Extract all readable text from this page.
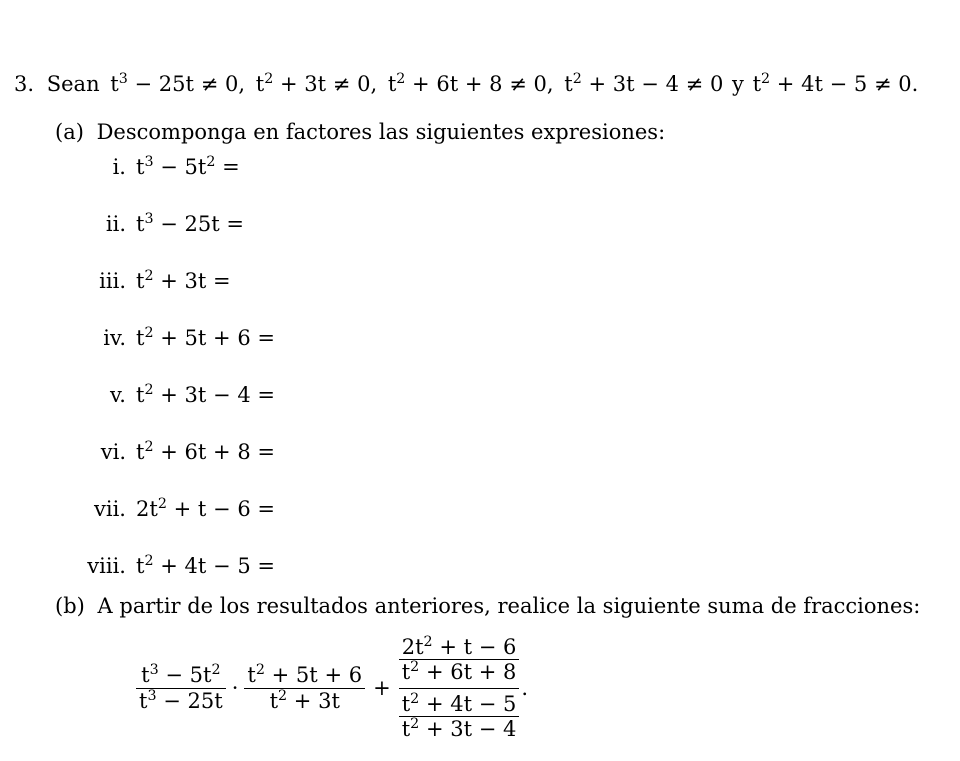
3. Sean $t^3 - 25t \ne 0$, $t^2 + 3t \ne 0$, $t^2 + 6t + 8 \ne 0$, $t^2 + 3t - 4 \ne 0$ y $t^2 + 4t - 5 \ne 0$.
(a) Descomponga en factores las siguientes expresiones:
i. $t^3 - 5t^2$ =
ii. $t^3 - 25t$ =
iii. $t^2 + 3t$ =
iv. $t^2 + 5t + 6$ =
v. $t^2 + 3t - 4$ =
vi. $t^2 + 6t + 8$ =
vii. $2t^2 + t - 6$ =
viii. $t^2 + 4t - 5$ =
(b) A partir de los resultados anteriores, realice la siguiente suma de fracciones:
$\frac{t^3 - 5t^2}{t^3 - 25t} \cdot \frac{t^2 + 5t + 6}{t^2 + 3t} + \frac{\frac{2t^2 + t - 6}{t^2 + 6t + 8}}{\frac{t^2 + 4t - 5}{t^2 + 3t - 4}}$ .
